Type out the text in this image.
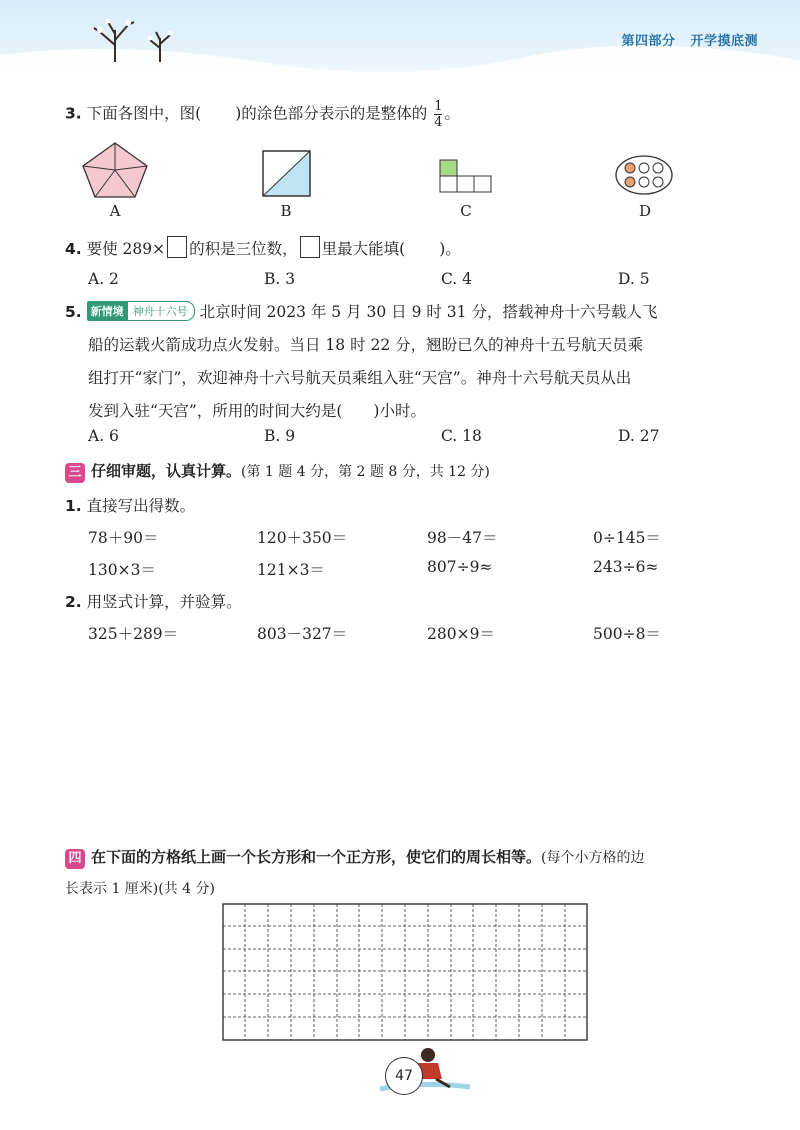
第四部分 开学摸底测
3. 下面各图中，图( )的涂色部分表示的是整体的 $\frac{1}{4}$ 。
A	B	C	D
4. 要使 289× 的积是三位数， 里最大能填( )。
A. 2	B. 3	C. 4	D. 5
5. 新情境 神舟十六号 北京时间 2023 年 5 月 30 日 9 时 31 分，搭载神舟十六号载人飞
船的运载火箭成功点火发射。当日 18 时 22 分，翘盼已久的神舟十五号航天员乘
组打开“家门”，欢迎神舟十六号航天员乘组入驻“天宫”。神舟十六号航天员从出
发到入驻“天宫”，所用的时间大约是(　　)小时。
A. 6	B. 9	C. 18	D. 27
三 仔细审题，认真计算。(第 1 题 4 分，第 2 题 8 分，共 12 分)
1. 直接写出得数。
78＋90＝	120＋350＝	98－47＝	0÷145＝
130×3＝	121×3＝	807÷9≈	243÷6≈
2. 用竖式计算，并验算。
325＋289＝	803－327＝	280×9＝	500÷8＝
四 在下面的方格纸上画一个长方形和一个正方形，使它们的周长相等。(每个小方格的边
长表示 1 厘米)(共 4 分)
47
